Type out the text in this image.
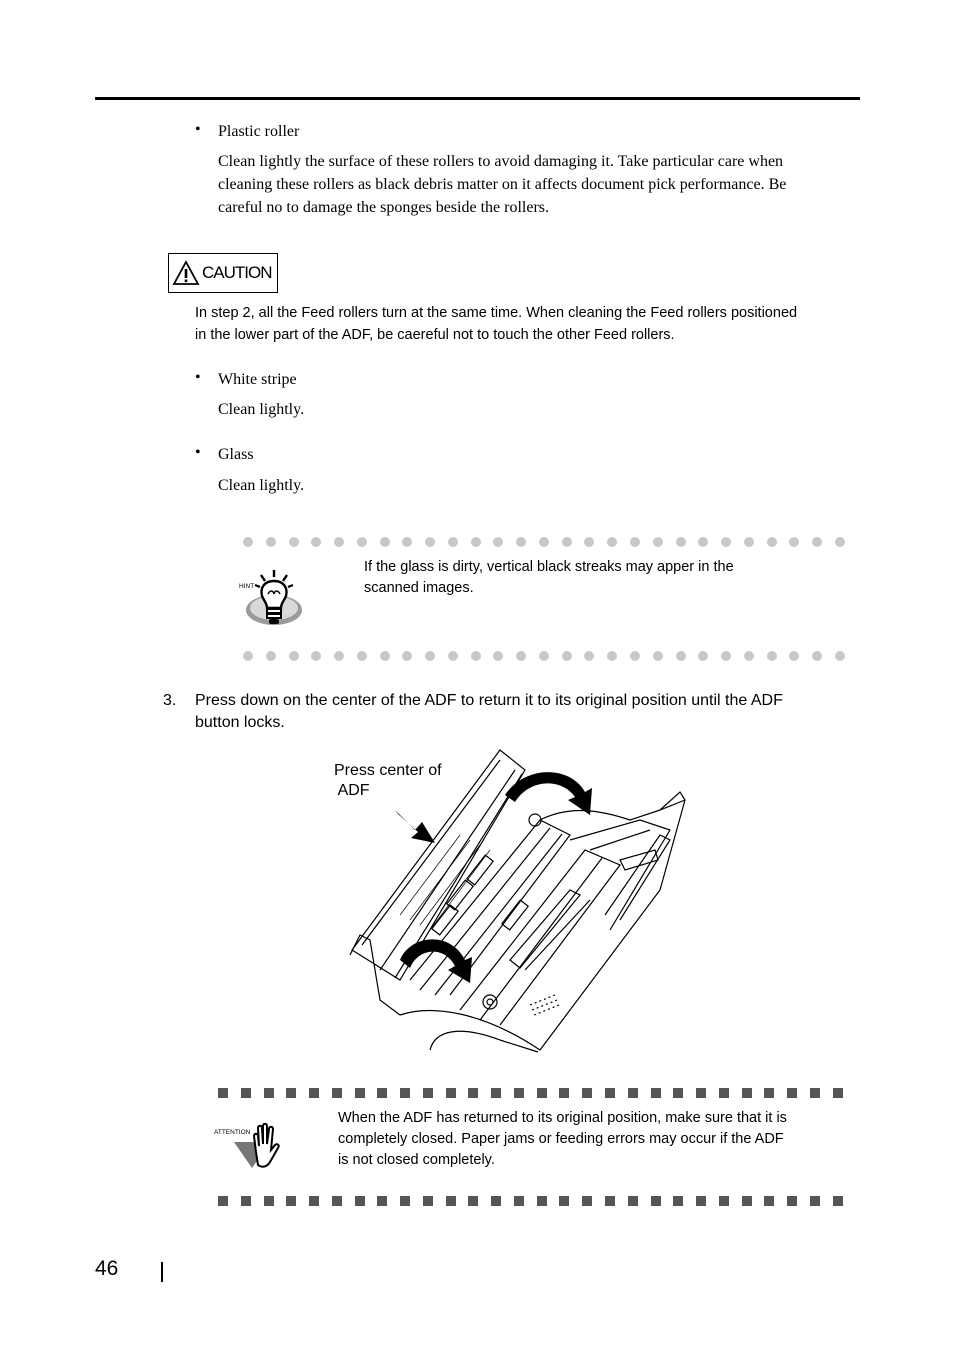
• Plastic roller
Clean lightly the surface of these rollers to avoid damaging it. Take particular care when
cleaning these rollers as black debris matter on it affects document pick performance. Be
careful no to damage the sponges beside the rollers.
CAUTION
In step 2, all the Feed rollers turn at the same time. When cleaning the Feed rollers positioned
in the lower part of the ADF, be caereful not to touch the other Feed rollers.
• White stripe
Clean lightly.
• Glass
Clean lightly.
HINT
If the glass is dirty, vertical black streaks may apper in the
scanned images.
3. Press down on the center of the ADF to return it to its original position until the ADF
button locks.
Press center of
ADF
ATTENTION
When the ADF has returned to its original position, make sure that it is
completely closed. Paper jams or feeding errors may occur if the ADF
is not closed completely.
46
